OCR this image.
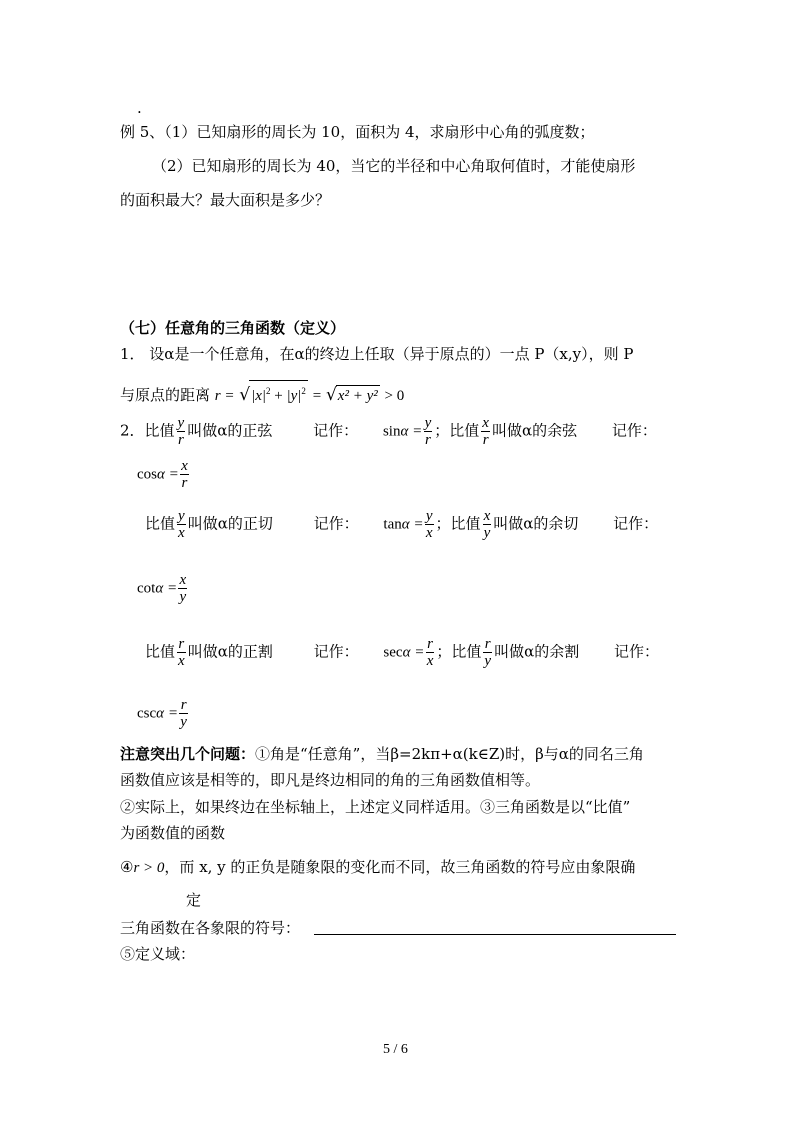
.
例 5、（1）已知扇形的周长为 10，面积为 4，求扇形中心角的弧度数；
（2）已知扇形的周长为 40，当它的半径和中心角取何值时，才能使扇形
的面积最大？最大面积是多少？
（七）任意角的三角函数（定义）
1． 设α是一个任意角，在α的终边上任取（异于原点的）一点 P（x,y），则 P
与原点的距离 $r = √|x|^2 + |y|^2 = √x^2 + y^2 > 0$
2．比值 $\frac{y}{r}$ 叫做α的正弦	记作： $\sin\alpha = \frac{y}{r}$ ；比值 $\frac{x}{r}$ 叫做α的余弦 记作：
$\cos\alpha = \frac{x}{r}$
比值 $\frac{y}{x}$ 叫做α的正切	记作： $\tan\alpha = \frac{y}{x}$ ；比值 $\frac{x}{y}$ 叫做α的余切 记作：
$\cot\alpha = \frac{x}{y}$
比值 $\frac{r}{x}$ 叫做α的正割	记作： $\sec\alpha = \frac{r}{x}$ ；比值 $\frac{r}{y}$ 叫做α的余割 记作：
$\csc\alpha = \frac{r}{y}$
注意突出几个问题：①角是“任意角”，当β=2kπ+α(k∈Z)时，β与α的同名三角
函数值应该是相等的，即凡是终边相同的角的三角函数值相等。
②实际上，如果终边在坐标轴上，上述定义同样适用。③三角函数是以“比值”
为函数值的函数
④r > 0，而 x, y 的正负是随象限的变化而不同，故三角函数的符号应由象限确
定
三角函数在各象限的符号：
⑤定义域：
5 / 6
